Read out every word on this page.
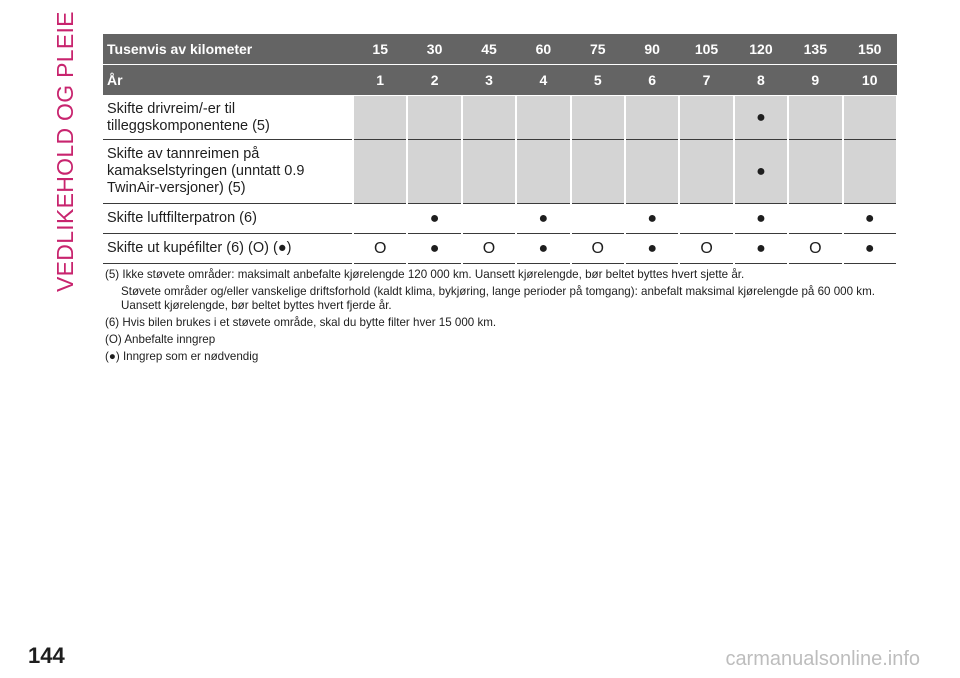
VEDLIKEHOLD OG PLEIE Tusenvis av kilometer	15	30	45	60	75	90	105	120	135	150
År	1	2	3	4	5	6	7	8	9	10
Skifte drivreim/-er til
tilleggskomponentene (5)								●		
Skifte av tannreimen på
kamakselstyringen (unntatt 0.9
TwinAir-versjoner) (5)								●		
Skifte luftfilterpatron (6)		●		●		●		●		●
Skifte ut kupéfilter (6) (O) (●)	O	●	O	●	O	●	O	●	O	●

(5) Ikke støvete områder: maksimalt anbefalte kjørelengde 120 000 km. Uansett kjørelengde, bør beltet byttes hvert sjette år.

Støvete områder og/eller vanskelige driftsforhold (kaldt klima, bykjøring, lange perioder på tomgang): anbefalt maksimal kjørelengde på 60 000 km. Uansett kjørelengde, bør beltet byttes hvert fjerde år.

(6) Hvis bilen brukes i et støvete område, skal du bytte filter hver 15 000 km.

(O) Anbefalte inngrep

(●) Inngrep som er nødvendig

144	carmanualsonline.info
